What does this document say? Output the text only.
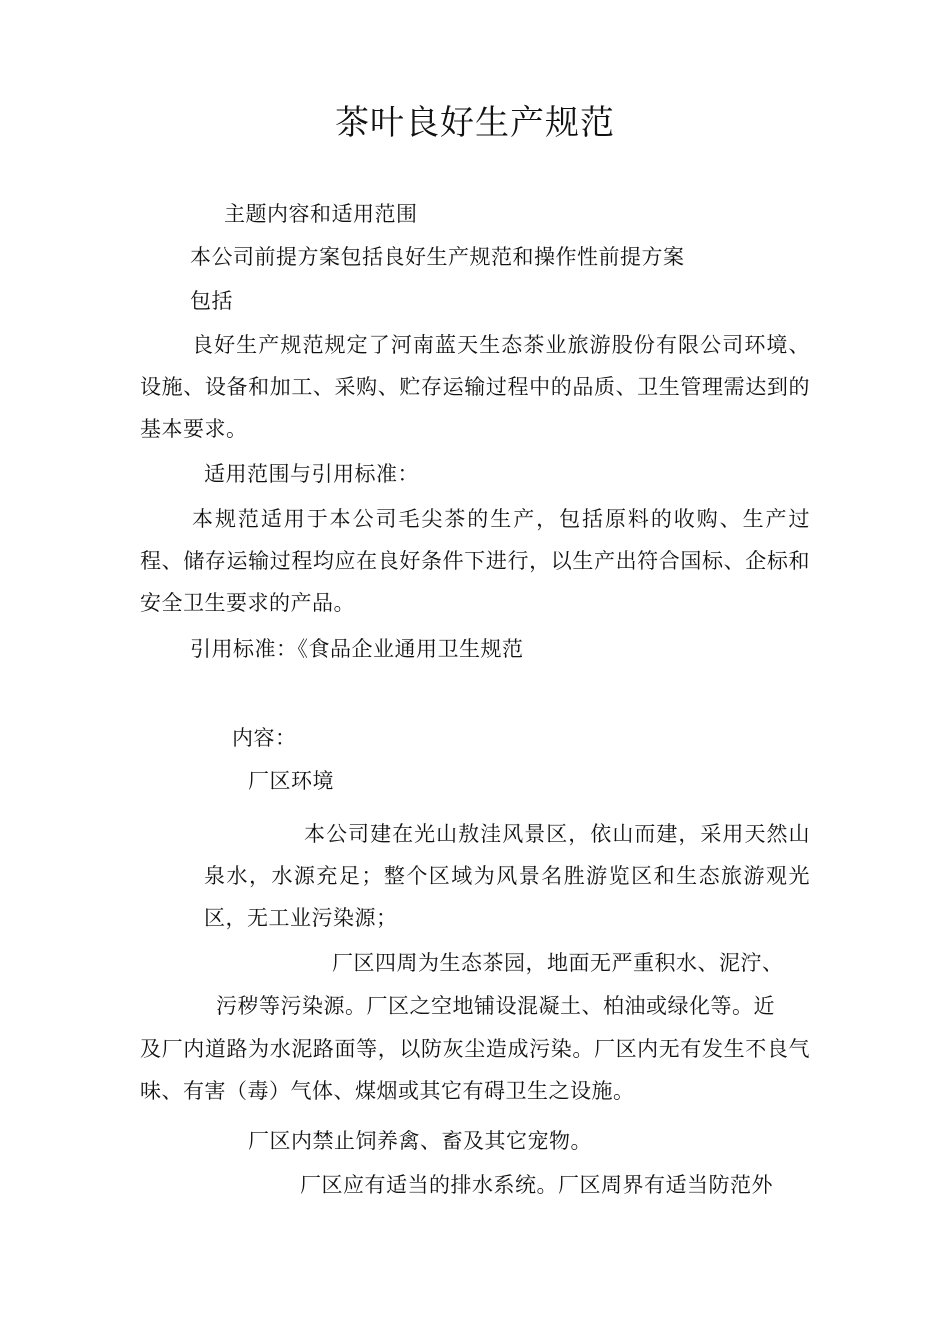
茶叶良好生产规范
主题内容和适用范围
本公司前提方案包括良好生产规范和操作性前提方案
包括
良好生产规范规定了河南蓝天生态茶业旅游股份有限公司环境、设施、设备和加工、采购、贮存运输过程中的品质、卫生管理需达到的基本要求。
适用范围与引用标准：
本规范适用于本公司毛尖茶的生产，包括原料的收购、生产过程、储存运输过程均应在良好条件下进行，以生产出符合国标、企标和安全卫生要求的产品。
引用标准：《食品企业通用卫生规范
内容：
厂区环境
本公司建在光山敖洼风景区，依山而建，采用天然山泉水，水源充足；整个区域为风景名胜游览区和生态旅游观光区，无工业污染源；
厂区四周为生态茶园，地面无严重积水、泥泞、
污秽等污染源。厂区之空地铺设混凝土、柏油或绿化等。近
及厂内道路为水泥路面等，以防灰尘造成污染。厂区内无有发生不良气味、有害（毒）气体、煤烟或其它有碍卫生之设施。
厂区内禁止饲养禽、畜及其它宠物。
厂区应有适当的排水系统。厂区周界有适当防范外
